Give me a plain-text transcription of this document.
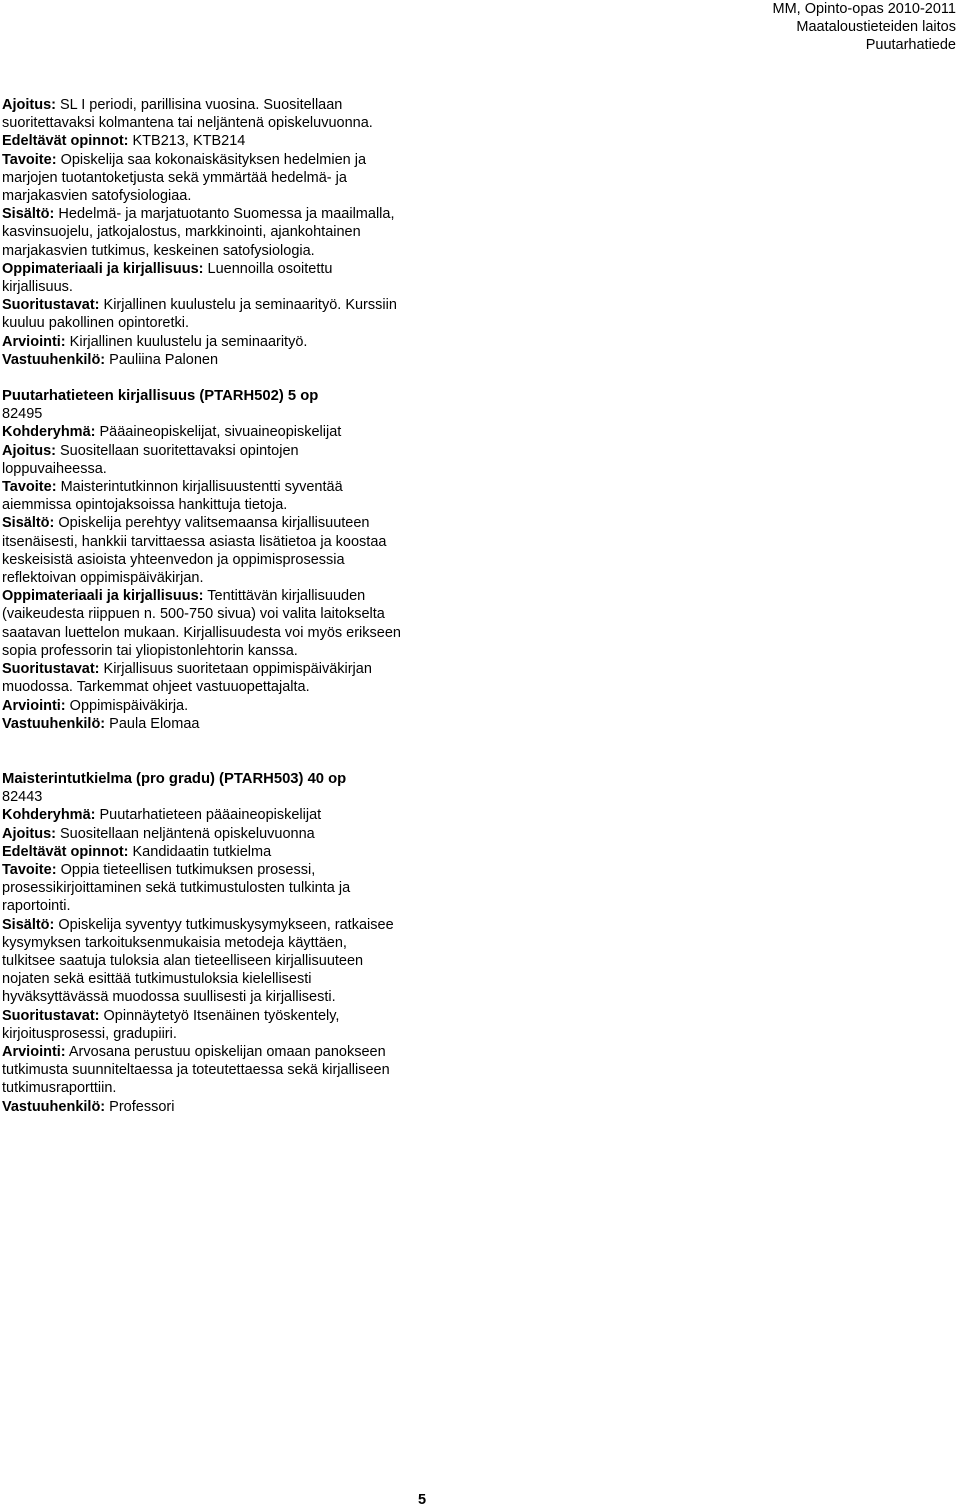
MM, Opinto-opas 2010-2011
Maataloustieteiden laitos
Puutarhatiede

Ajoitus: SL I periodi, parillisina vuosina. Suositellaan suoritettavaksi kolmantena tai neljäntenä opiskeluvuonna.

Edeltävät opinnot: KTB213, KTB214

Tavoite: Opiskelija saa kokonaiskäsityksen hedelmien ja marjojen tuotantoketjusta sekä ymmärtää hedelmä- ja marjakasvien satofysiologiaa.

Sisältö: Hedelmä- ja marjatuotanto Suomessa ja maailmalla, kasvinsuojelu, jatkojalostus, markkinointi, ajankohtainen marjakasvien tutkimus, keskeinen satofysiologia.

Oppimateriaali ja kirjallisuus: Luennoilla osoitettu kirjallisuus.

Suoritustavat: Kirjallinen kuulustelu ja seminaarityö. Kurssiin kuuluu pakollinen opintoretki.

Arviointi: Kirjallinen kuulustelu ja seminaarityö.

Vastuuhenkilö: Pauliina Palonen

Puutarhatieteen kirjallisuus (PTARH502) 5 op

82495

Kohderyhmä: Pääaineopiskelijat, sivuaineopiskelijat

Ajoitus: Suositellaan suoritettavaksi opintojen loppuvaiheessa.

Tavoite: Maisterintutkinnon kirjallisuustentti syventää aiemmissa opintojaksoissa hankittuja tietoja.

Sisältö: Opiskelija perehtyy valitsemaansa kirjallisuuteen itsenäisesti, hankkii tarvittaessa asiasta lisätietoa ja koostaa keskeisistä asioista yhteenvedon ja oppimisprosessia reflektoivan oppimispäiväkirjan.

Oppimateriaali ja kirjallisuus: Tentittävän kirjallisuuden (vaikeudesta riippuen n. 500-750 sivua) voi valita laitokselta saatavan luettelon mukaan. Kirjallisuudesta voi myös erikseen sopia professorin tai yliopistonlehtorin kanssa.

Suoritustavat: Kirjallisuus suoritetaan oppimispäiväkirjan muodossa. Tarkemmat ohjeet vastuuopettajalta.

Arviointi: Oppimispäiväkirja.

Vastuuhenkilö: Paula Elomaa

Maisterintutkielma (pro gradu) (PTARH503) 40 op

82443

Kohderyhmä: Puutarhatieteen pääaineopiskelijat

Ajoitus: Suositellaan neljäntenä opiskeluvuonna

Edeltävät opinnot: Kandidaatin tutkielma

Tavoite: Oppia tieteellisen tutkimuksen prosessi, prosessikirjoittaminen sekä tutkimustulosten tulkinta ja raportointi.

Sisältö: Opiskelija syventyy tutkimuskysymykseen, ratkaisee kysymyksen tarkoituksenmukaisia metodeja käyttäen, tulkitsee saatuja tuloksia alan tieteelliseen kirjallisuuteen nojaten sekä esittää tutkimustuloksia kielellisesti hyväksyttävässä muodossa suullisesti ja kirjallisesti.

Suoritustavat: Opinnäytetyö Itsenäinen työskentely, kirjoitusprosessi, gradupiiri.

Arviointi: Arvosana perustuu opiskelijan omaan panokseen tutkimusta suunniteltaessa ja toteutettaessa sekä kirjalliseen tutkimusraporttiin.

Vastuuhenkilö: Professori

5
